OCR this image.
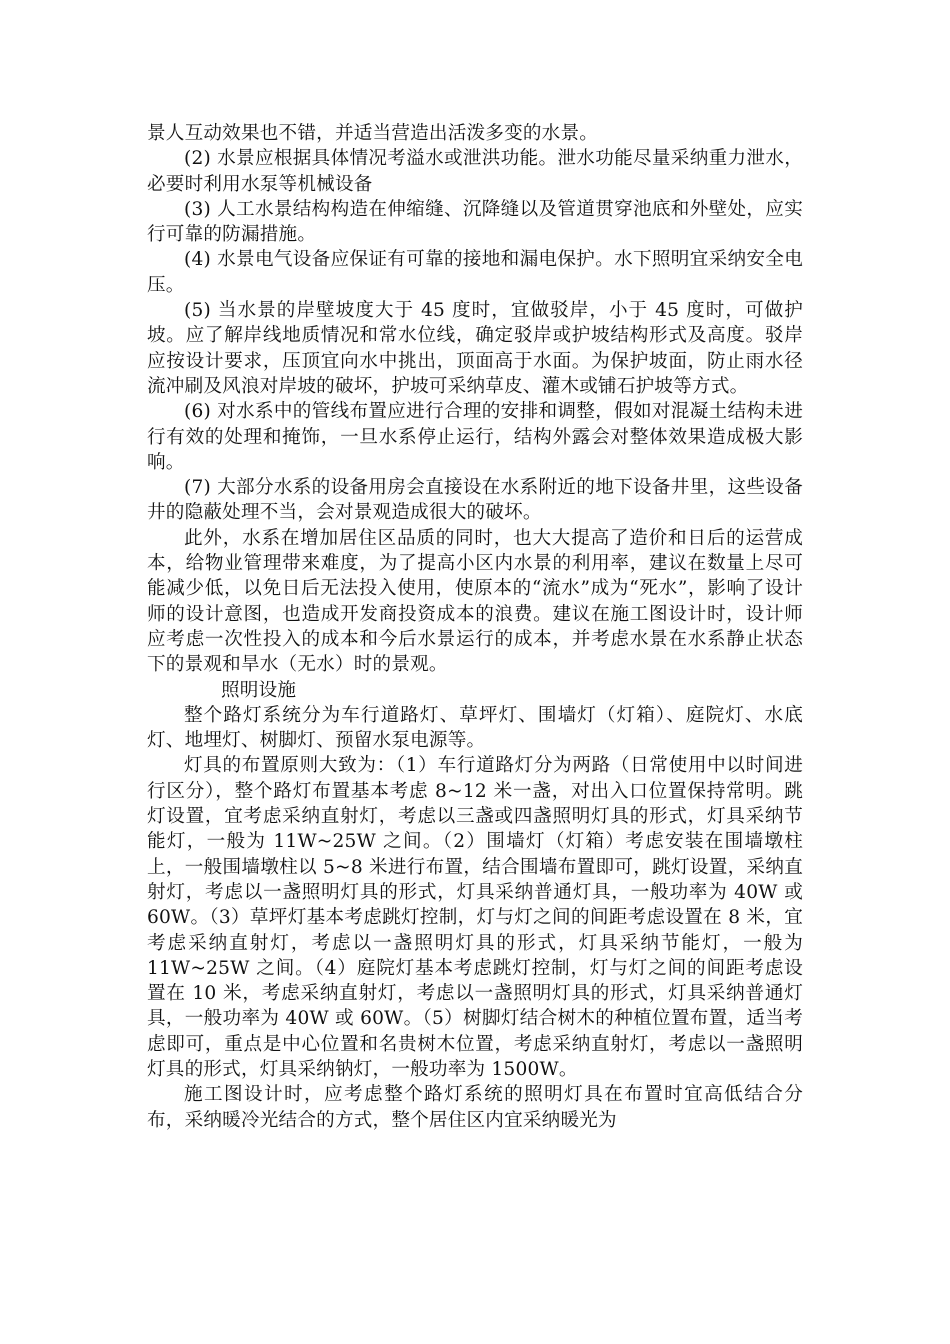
景人互动效果也不错，并适当营造出活泼多变的水景。

(2) 水景应根据具体情况考溢水或泄洪功能。泄水功能尽量采纳重力泄水，必要时利用水泵等机械设备

(3) 人工水景结构构造在伸缩缝、沉降缝以及管道贯穿池底和外壁处，应实行可靠的防漏措施。

(4) 水景电气设备应保证有可靠的接地和漏电保护。水下照明宜采纳安全电压。

(5) 当水景的岸壁坡度大于 45 度时，宜做驳岸，小于 45 度时，可做护坡。应了解岸线地质情况和常水位线，确定驳岸或护坡结构形式及高度。驳岸应按设计要求，压顶宜向水中挑出，顶面高于水面。为保护坡面，防止雨水径流冲刷及风浪对岸坡的破坏，护坡可采纳草皮、灌木或铺石护坡等方式。

(6) 对水系中的管线布置应进行合理的安排和调整，假如对混凝土结构未进行有效的处理和掩饰，一旦水系停止运行，结构外露会对整体效果造成极大影响。

(7) 大部分水系的设备用房会直接设在水系附近的地下设备井里，这些设备井的隐蔽处理不当，会对景观造成很大的破坏。

此外，水系在增加居住区品质的同时，也大大提高了造价和日后的运营成本，给物业管理带来难度，为了提高小区内水景的利用率，建议在数量上尽可能减少低，以免日后无法投入使用，使原本的“流水”成为“死水”，影响了设计师的设计意图，也造成开发商投资成本的浪费。建议在施工图设计时，设计师应考虑一次性投入的成本和今后水景运行的成本，并考虑水景在水系静止状态下的景观和旱水（无水）时的景观。

照明设施

整个路灯系统分为车行道路灯、草坪灯、围墙灯（灯箱）、庭院灯、水底灯、地埋灯、树脚灯、预留水泵电源等。

灯具的布置原则大致为：（1）车行道路灯分为两路（日常使用中以时间进行区分），整个路灯布置基本考虑 8~12 米一盏，对出入口位置保持常明。跳灯设置，宜考虑采纳直射灯，考虑以三盏或四盏照明灯具的形式，灯具采纳节能灯，一般为 11W~25W 之间。（2）围墙灯（灯箱）考虑安装在围墙墩柱上，一般围墙墩柱以 5~8 米进行布置，结合围墙布置即可，跳灯设置，采纳直射灯，考虑以一盏照明灯具的形式，灯具采纳普通灯具，一般功率为 40W 或 60W。（3）草坪灯基本考虑跳灯控制，灯与灯之间的间距考虑设置在 8 米，宜考虑采纳直射灯，考虑以一盏照明灯具的形式，灯具采纳节能灯，一般为 11W~25W 之间。（4）庭院灯基本考虑跳灯控制，灯与灯之间的间距考虑设置在 10 米，考虑采纳直射灯，考虑以一盏照明灯具的形式，灯具采纳普通灯具，一般功率为 40W 或 60W。（5）树脚灯结合树木的种植位置布置，适当考虑即可，重点是中心位置和名贵树木位置，考虑采纳直射灯，考虑以一盏照明灯具的形式，灯具采纳钠灯，一般功率为 1500W。

施工图设计时，应考虑整个路灯系统的照明灯具在布置时宜高低结合分布，采纳暖冷光结合的方式，整个居住区内宜采纳暖光为
